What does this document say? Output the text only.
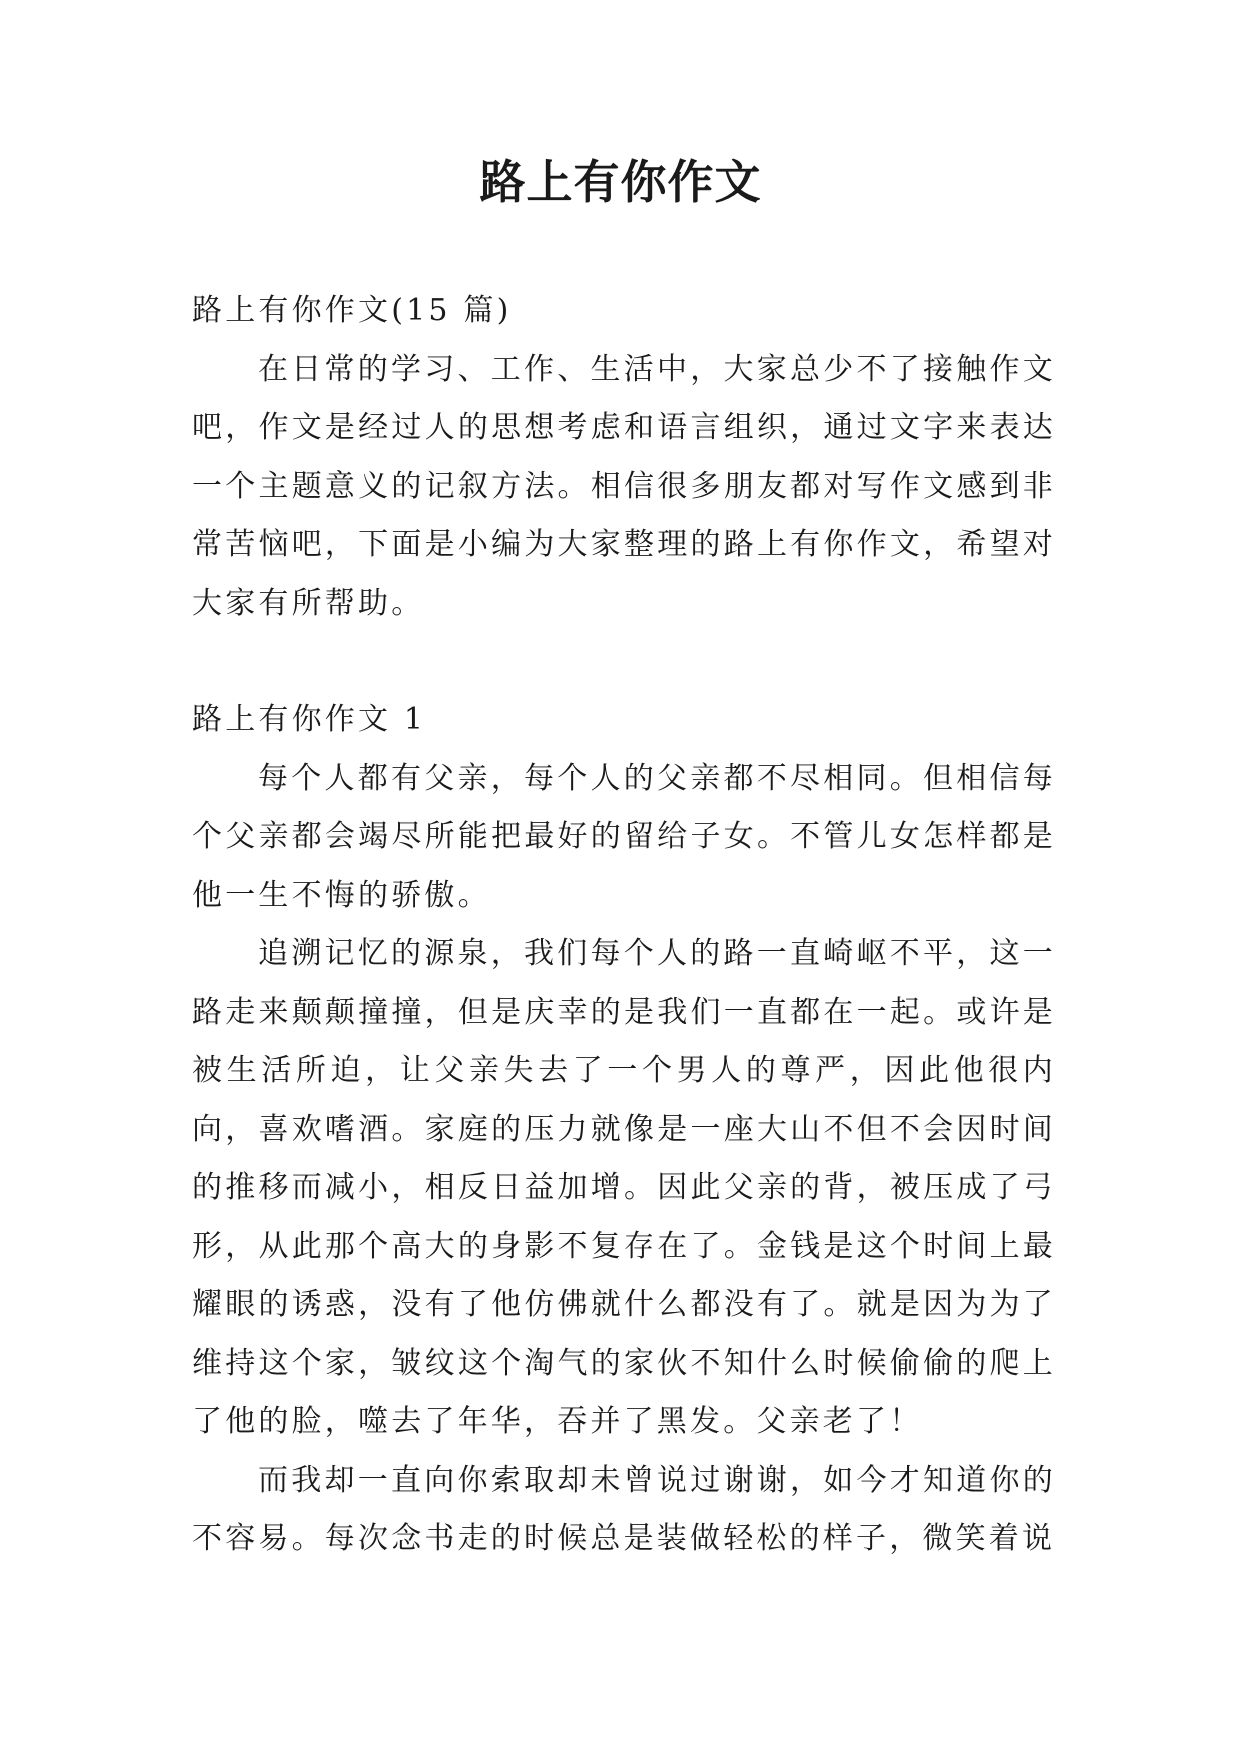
路上有你作文

路上有你作文(15 篇)

在日常的学习、工作、生活中，大家总少不了接触作文吧，作文是经过人的思想考虑和语言组织，通过文字来表达一个主题意义的记叙方法。相信很多朋友都对写作文感到非常苦恼吧，下面是小编为大家整理的路上有你作文，希望对大家有所帮助。

路上有你作文 1

每个人都有父亲，每个人的父亲都不尽相同。但相信每个父亲都会竭尽所能把最好的留给子女。不管儿女怎样都是他一生不悔的骄傲。

追溯记忆的源泉，我们每个人的路一直崎岖不平，这一路走来颠颠撞撞，但是庆幸的是我们一直都在一起。或许是被生活所迫，让父亲失去了一个男人的尊严，因此他很内向，喜欢嗜酒。家庭的压力就像是一座大山不但不会因时间的推移而减小，相反日益加增。因此父亲的背，被压成了弓形，从此那个高大的身影不复存在了。金钱是这个时间上最耀眼的诱惑，没有了他仿佛就什么都没有了。就是因为为了维持这个家，皱纹这个淘气的家伙不知什么时候偷偷的爬上了他的脸，噬去了年华，吞并了黑发。父亲老了！

而我却一直向你索取却未曾说过谢谢，如今才知道你的不容易。每次念书走的时候总是装做轻松的样子，微笑着说
